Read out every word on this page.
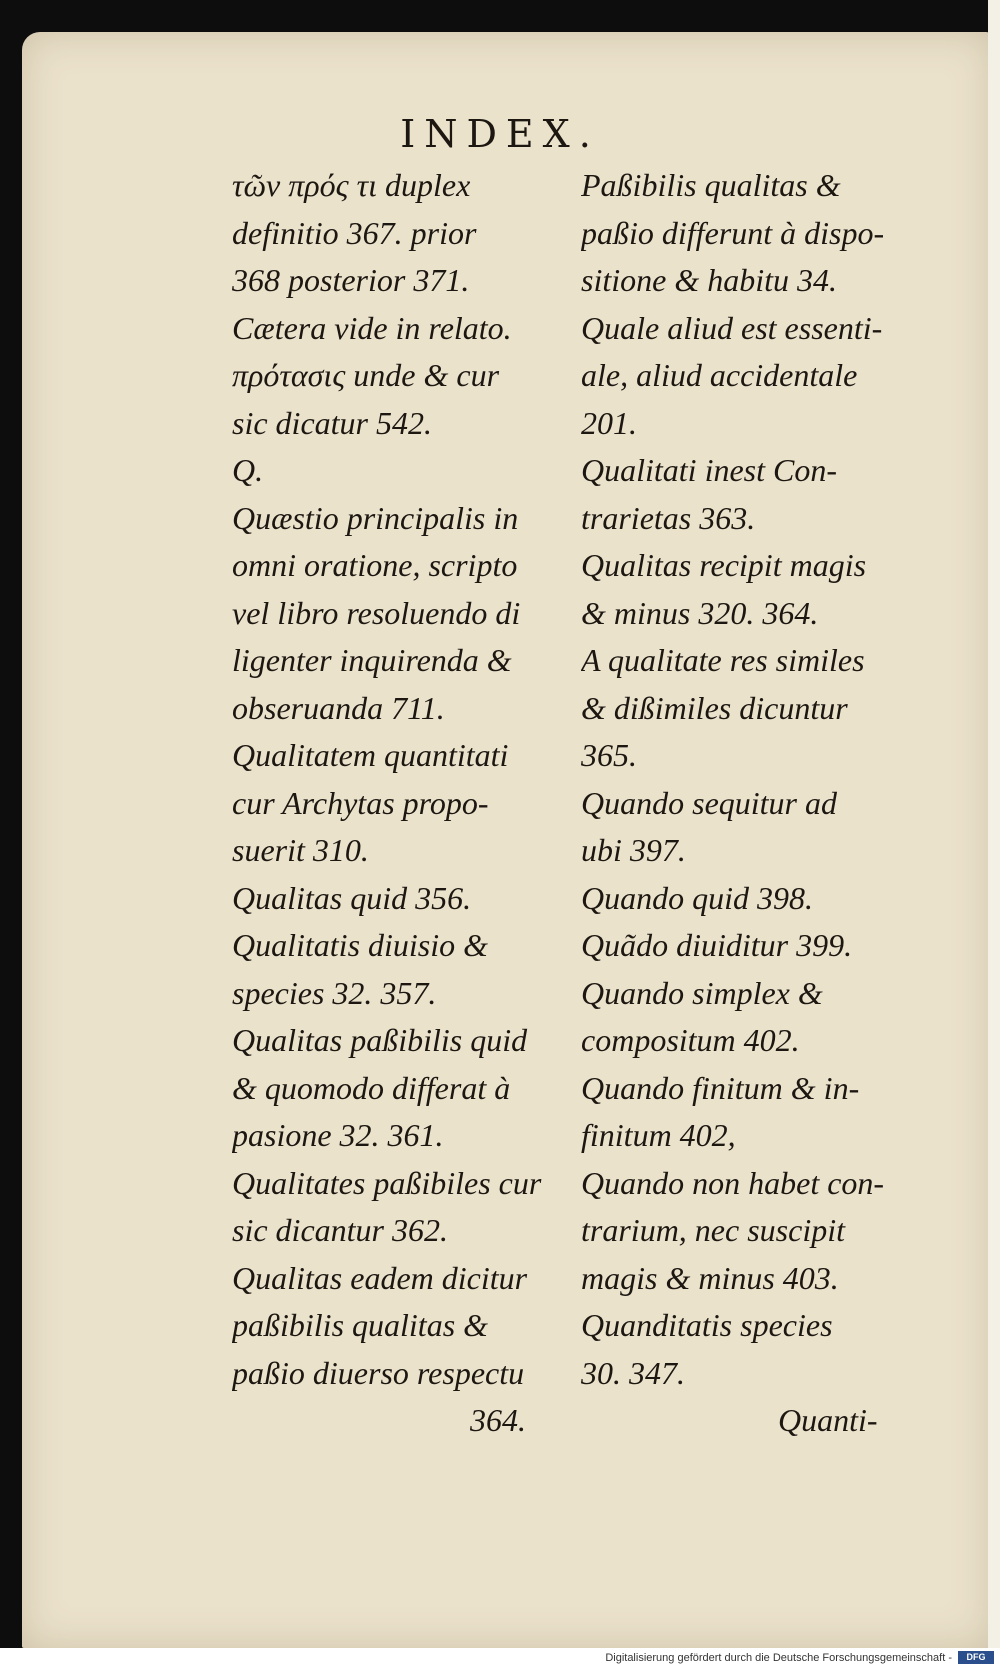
INDEX.
τῶν πρός τι duplex
definitio 367. prior
368 posterior 371.
Cætera vide in relato.
πρότασις unde & cur
sic dicatur 542.
Q.
Quæstio principalis in
omni oratione, scripto
vel libro resoluendo di
ligenter inquirenda &
obseruanda 711.
Qualitatem quantitati
cur Archytas propo-
suerit 310.
Qualitas quid 356.
Qualitatis diuisio &
species 32. 357.
Qualitas paßibilis quid
& quomodo differat à
pasione 32. 361.
Qualitates paßibiles cur
sic dicantur 362.
Qualitas eadem dicitur
paßibilis qualitas &
paßio diuerso respectu
Paßibilis qualitas &
paßio differunt à dispo-
sitione & habitu 34.
Quale aliud est essenti-
ale, aliud accidentale
201.
Qualitati inest Con-
trarietas 363.
Qualitas recipit magis
& minus 320. 364.
A qualitate res similes
& dißimiles dicuntur
365.
Quando sequitur ad
ubi 397.
Quando quid 398.
Quãdo diuiditur 399.
Quando simplex &
compositum 402.
Quando finitum & in-
finitum 402,
Quando non habet con-
trarium, nec suscipit
magis & minus 403.
Quanditatis species
30. 347.
364.	Quanti-
Digitalisierung gefördert durch die Deutsche Forschungsgemeinschaft -	DFG
